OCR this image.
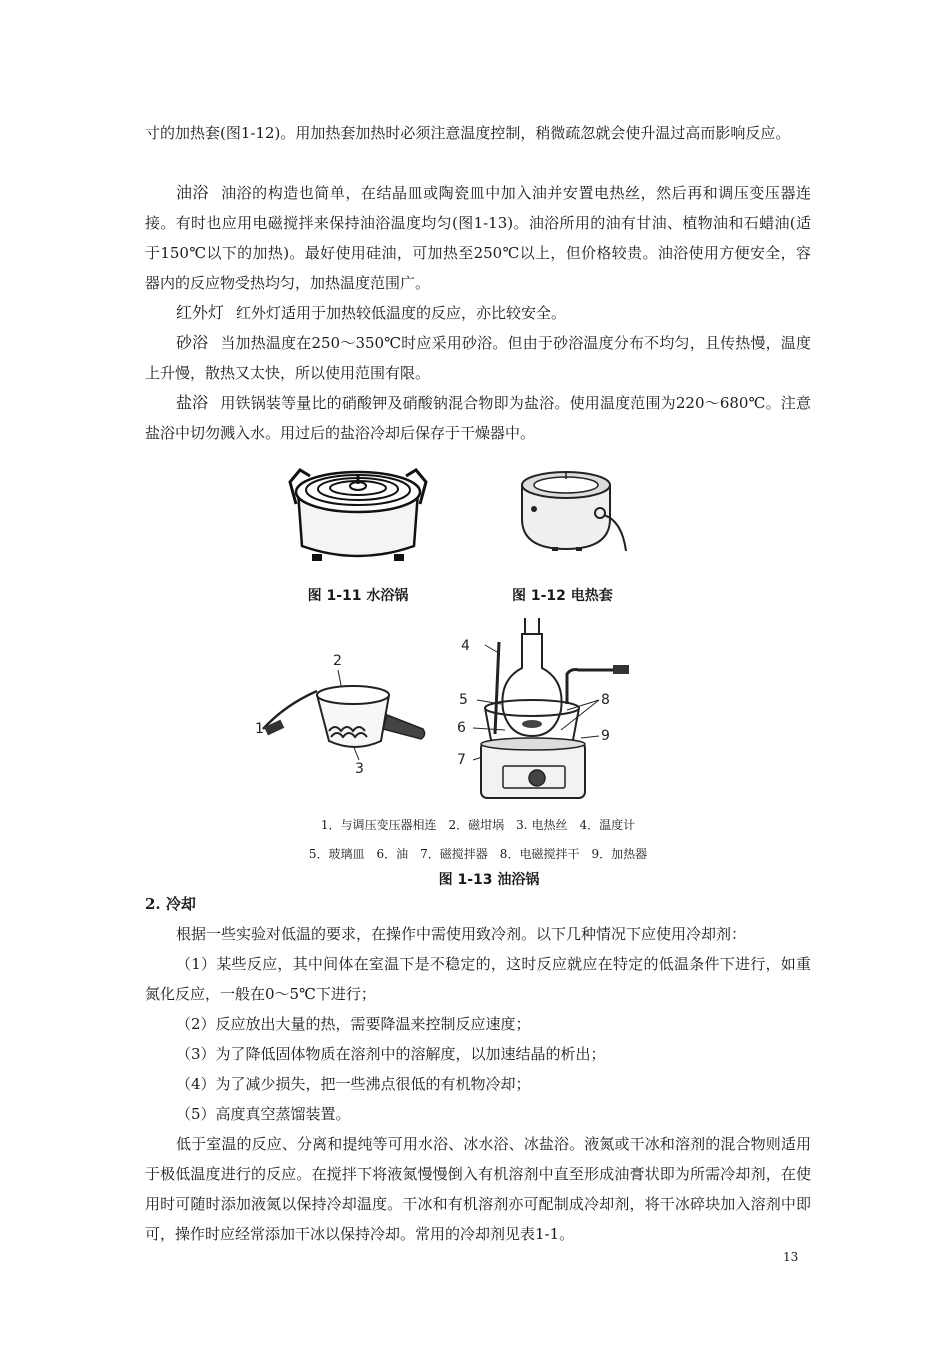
寸的加热套(图1-12)。用加热套加热时必须注意温度控制，稍微疏忽就会使升温过高而影响反应。

油浴 油浴的构造也简单，在结晶皿或陶瓷皿中加入油并安置电热丝，然后再和调压变压器连接。有时也应用电磁搅拌来保持油浴温度均匀(图1-13)。油浴所用的油有甘油、植物油和石蜡油(适于150℃以下的加热)。最好使用硅油，可加热至250℃以上，但价格较贵。油浴使用方便安全，容器内的反应物受热均匀，加热温度范围广。

红外灯 红外灯适用于加热较低温度的反应，亦比较安全。

砂浴 当加热温度在250～350℃时应采用砂浴。但由于砂浴温度分布不均匀，且传热慢，温度上升慢，散热又太快，所以使用范围有限。

盐浴 用铁锅装等量比的硝酸钾及硝酸钠混合物即为盐浴。使用温度范围为220～680℃。注意盐浴中切勿溅入水。用过后的盐浴冷却后保存于干燥器中。

图 1-11 水浴锅	图 1-12 电热套
2
1
3
4
5
6
7
8
9
1．与调压变压器相连　2．磁坩埚　3. 电热丝　4．温度计
5．玻璃皿　6．油　7．磁搅拌器　8．电磁搅拌干　9．加热器
图 1-13 油浴锅
2. 冷却

根据一些实验对低温的要求，在操作中需使用致冷剂。以下几种情况下应使用冷却剂：

（1）某些反应，其中间体在室温下是不稳定的，这时反应就应在特定的低温条件下进行，如重氮化反应，一般在0～5℃下进行；

（2）反应放出大量的热，需要降温来控制反应速度；

（3）为了降低固体物质在溶剂中的溶解度，以加速结晶的析出；

（4）为了减少损失，把一些沸点很低的有机物冷却；

（5）高度真空蒸馏装置。

低于室温的反应、分离和提纯等可用水浴、冰水浴、冰盐浴。液氮或干冰和溶剂的混合物则适用于极低温度进行的反应。在搅拌下将液氮慢慢倒入有机溶剂中直至形成油膏状即为所需冷却剂，在使用时可随时添加液氮以保持冷却温度。干冰和有机溶剂亦可配制成冷却剂，将干冰碎块加入溶剂中即可，操作时应经常添加干冰以保持冷却。常用的冷却剂见表1-1。

13
